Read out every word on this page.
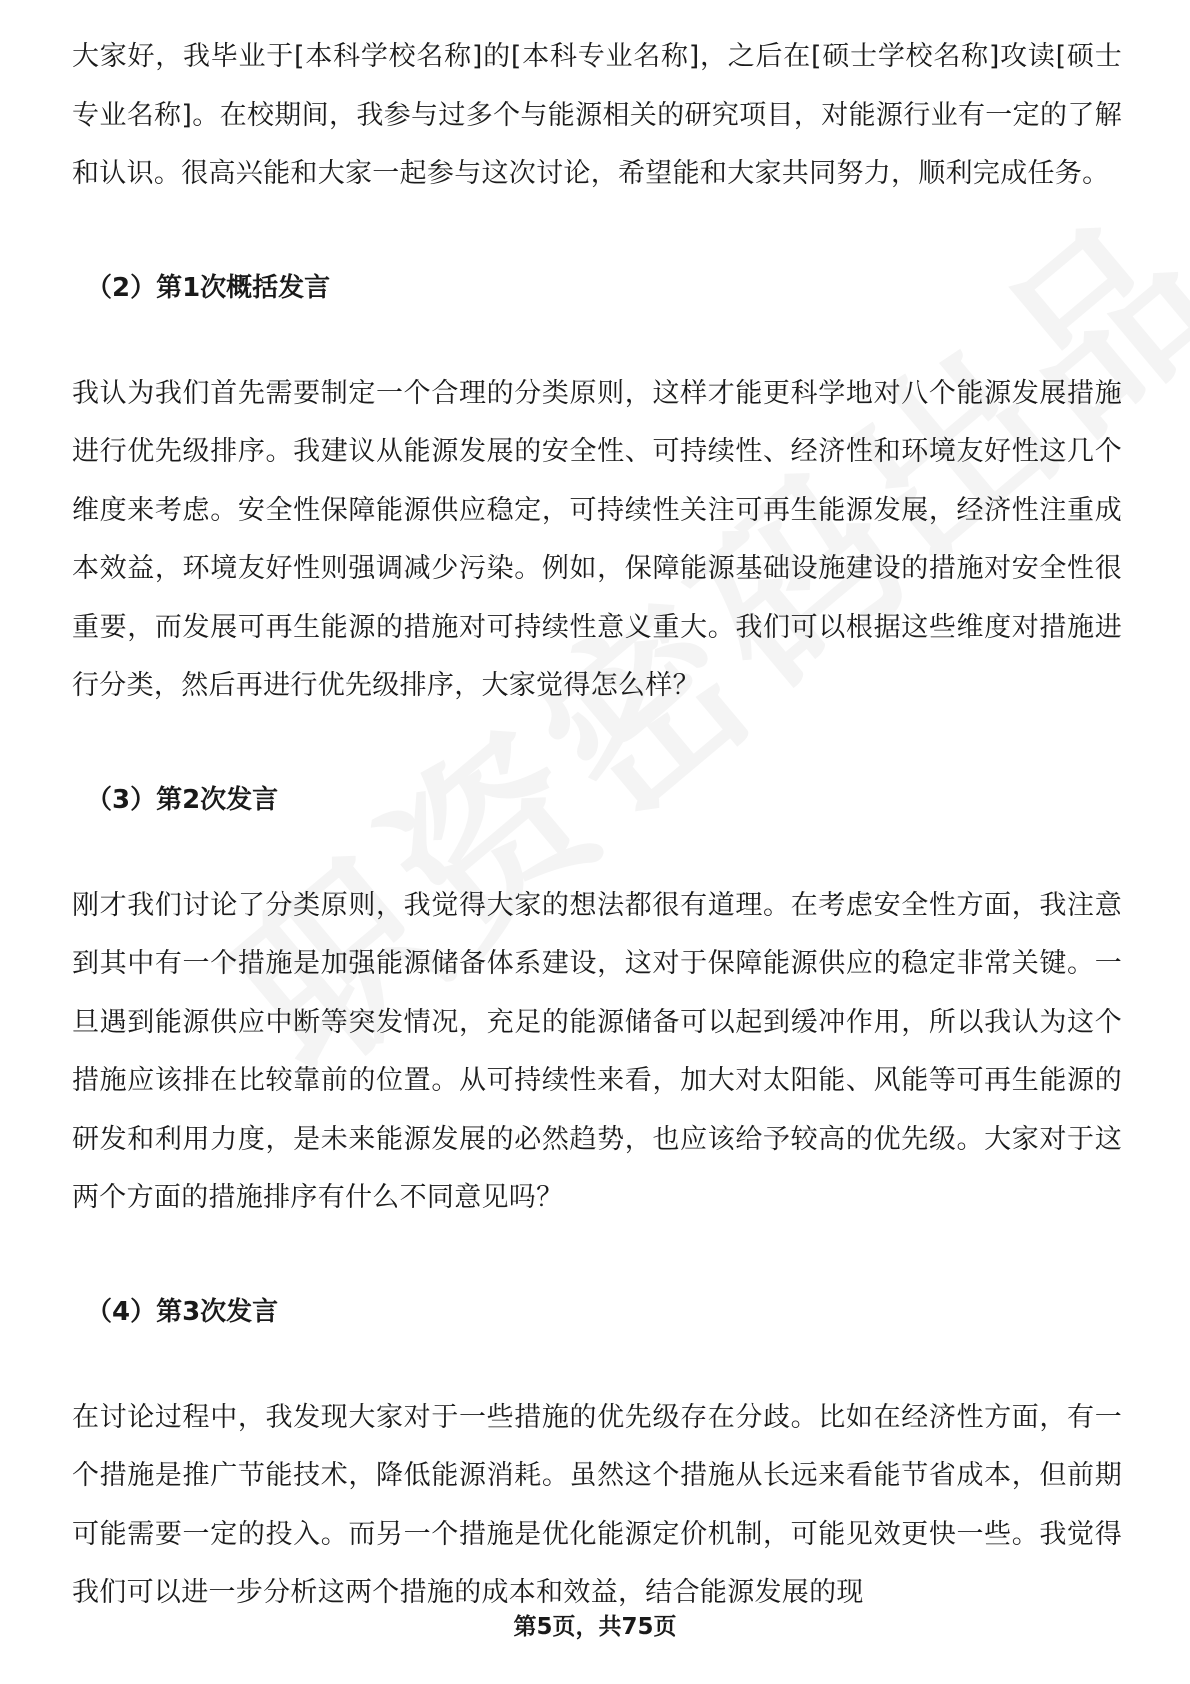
大家好，我毕业于[本科学校名称]的[本科专业名称]，之后在[硕士学校名称]攻读[硕士专业名称]。在校期间，我参与过多个与能源相关的研究项目，对能源行业有一定的了解和认识。很高兴能和大家一起参与这次讨论，希望能和大家共同努力，顺利完成任务。

（2）第1次概括发言

我认为我们首先需要制定一个合理的分类原则，这样才能更科学地对八个能源发展措施进行优先级排序。我建议从能源发展的安全性、可持续性、经济性和环境友好性这几个维度来考虑。安全性保障能源供应稳定，可持续性关注可再生能源发展，经济性注重成本效益，环境友好性则强调减少污染。例如，保障能源基础设施建设的措施对安全性很重要，而发展可再生能源的措施对可持续性意义重大。我们可以根据这些维度对措施进行分类，然后再进行优先级排序，大家觉得怎么样？

（3）第2次发言

刚才我们讨论了分类原则，我觉得大家的想法都很有道理。在考虑安全性方面，我注意到其中有一个措施是加强能源储备体系建设，这对于保障能源供应的稳定非常关键。一旦遇到能源供应中断等突发情况，充足的能源储备可以起到缓冲作用，所以我认为这个措施应该排在比较靠前的位置。从可持续性来看，加大对太阳能、风能等可再生能源的研发和利用力度，是未来能源发展的必然趋势，也应该给予较高的优先级。大家对于这两个方面的措施排序有什么不同意见吗？

（4）第3次发言

在讨论过程中，我发现大家对于一些措施的优先级存在分歧。比如在经济性方面，有一个措施是推广节能技术，降低能源消耗。虽然这个措施从长远来看能节省成本，但前期可能需要一定的投入。而另一个措施是优化能源定价机制，可能见效更快一些。我觉得我们可以进一步分析这两个措施的成本和效益，结合能源发展的现

第5页，共75页
